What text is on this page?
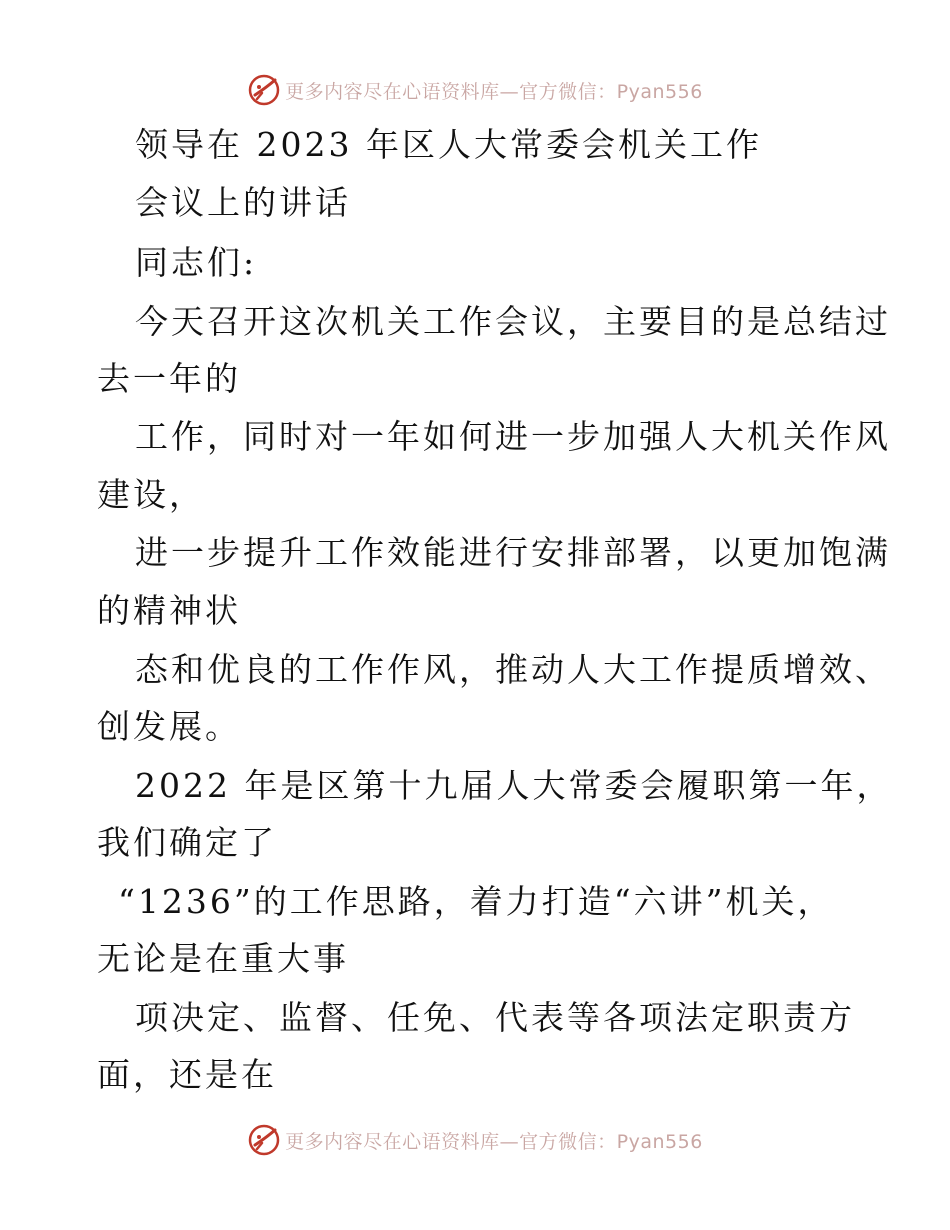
更多内容尽在心语资料库—官方微信：Pyan556
领导在 2023 年区人大常委会机关工作
会议上的讲话
同志们:
今天召开这次机关工作会议，主要目的是总结过
去一年的
工作，同时对一年如何进一步加强人大机关作风
建设，
进一步提升工作效能进行安排部署，以更加饱满
的精神状
态和优良的工作作风，推动人大工作提质增效、
创发展。
2022 年是区第十九届人大常委会履职第一年，
我们确定了
“1236”的工作思路，着力打造“六讲”机关，
无论是在重大事
项决定、监督、任免、代表等各项法定职责方
面，还是在
更多内容尽在心语资料库—官方微信：Pyan556
